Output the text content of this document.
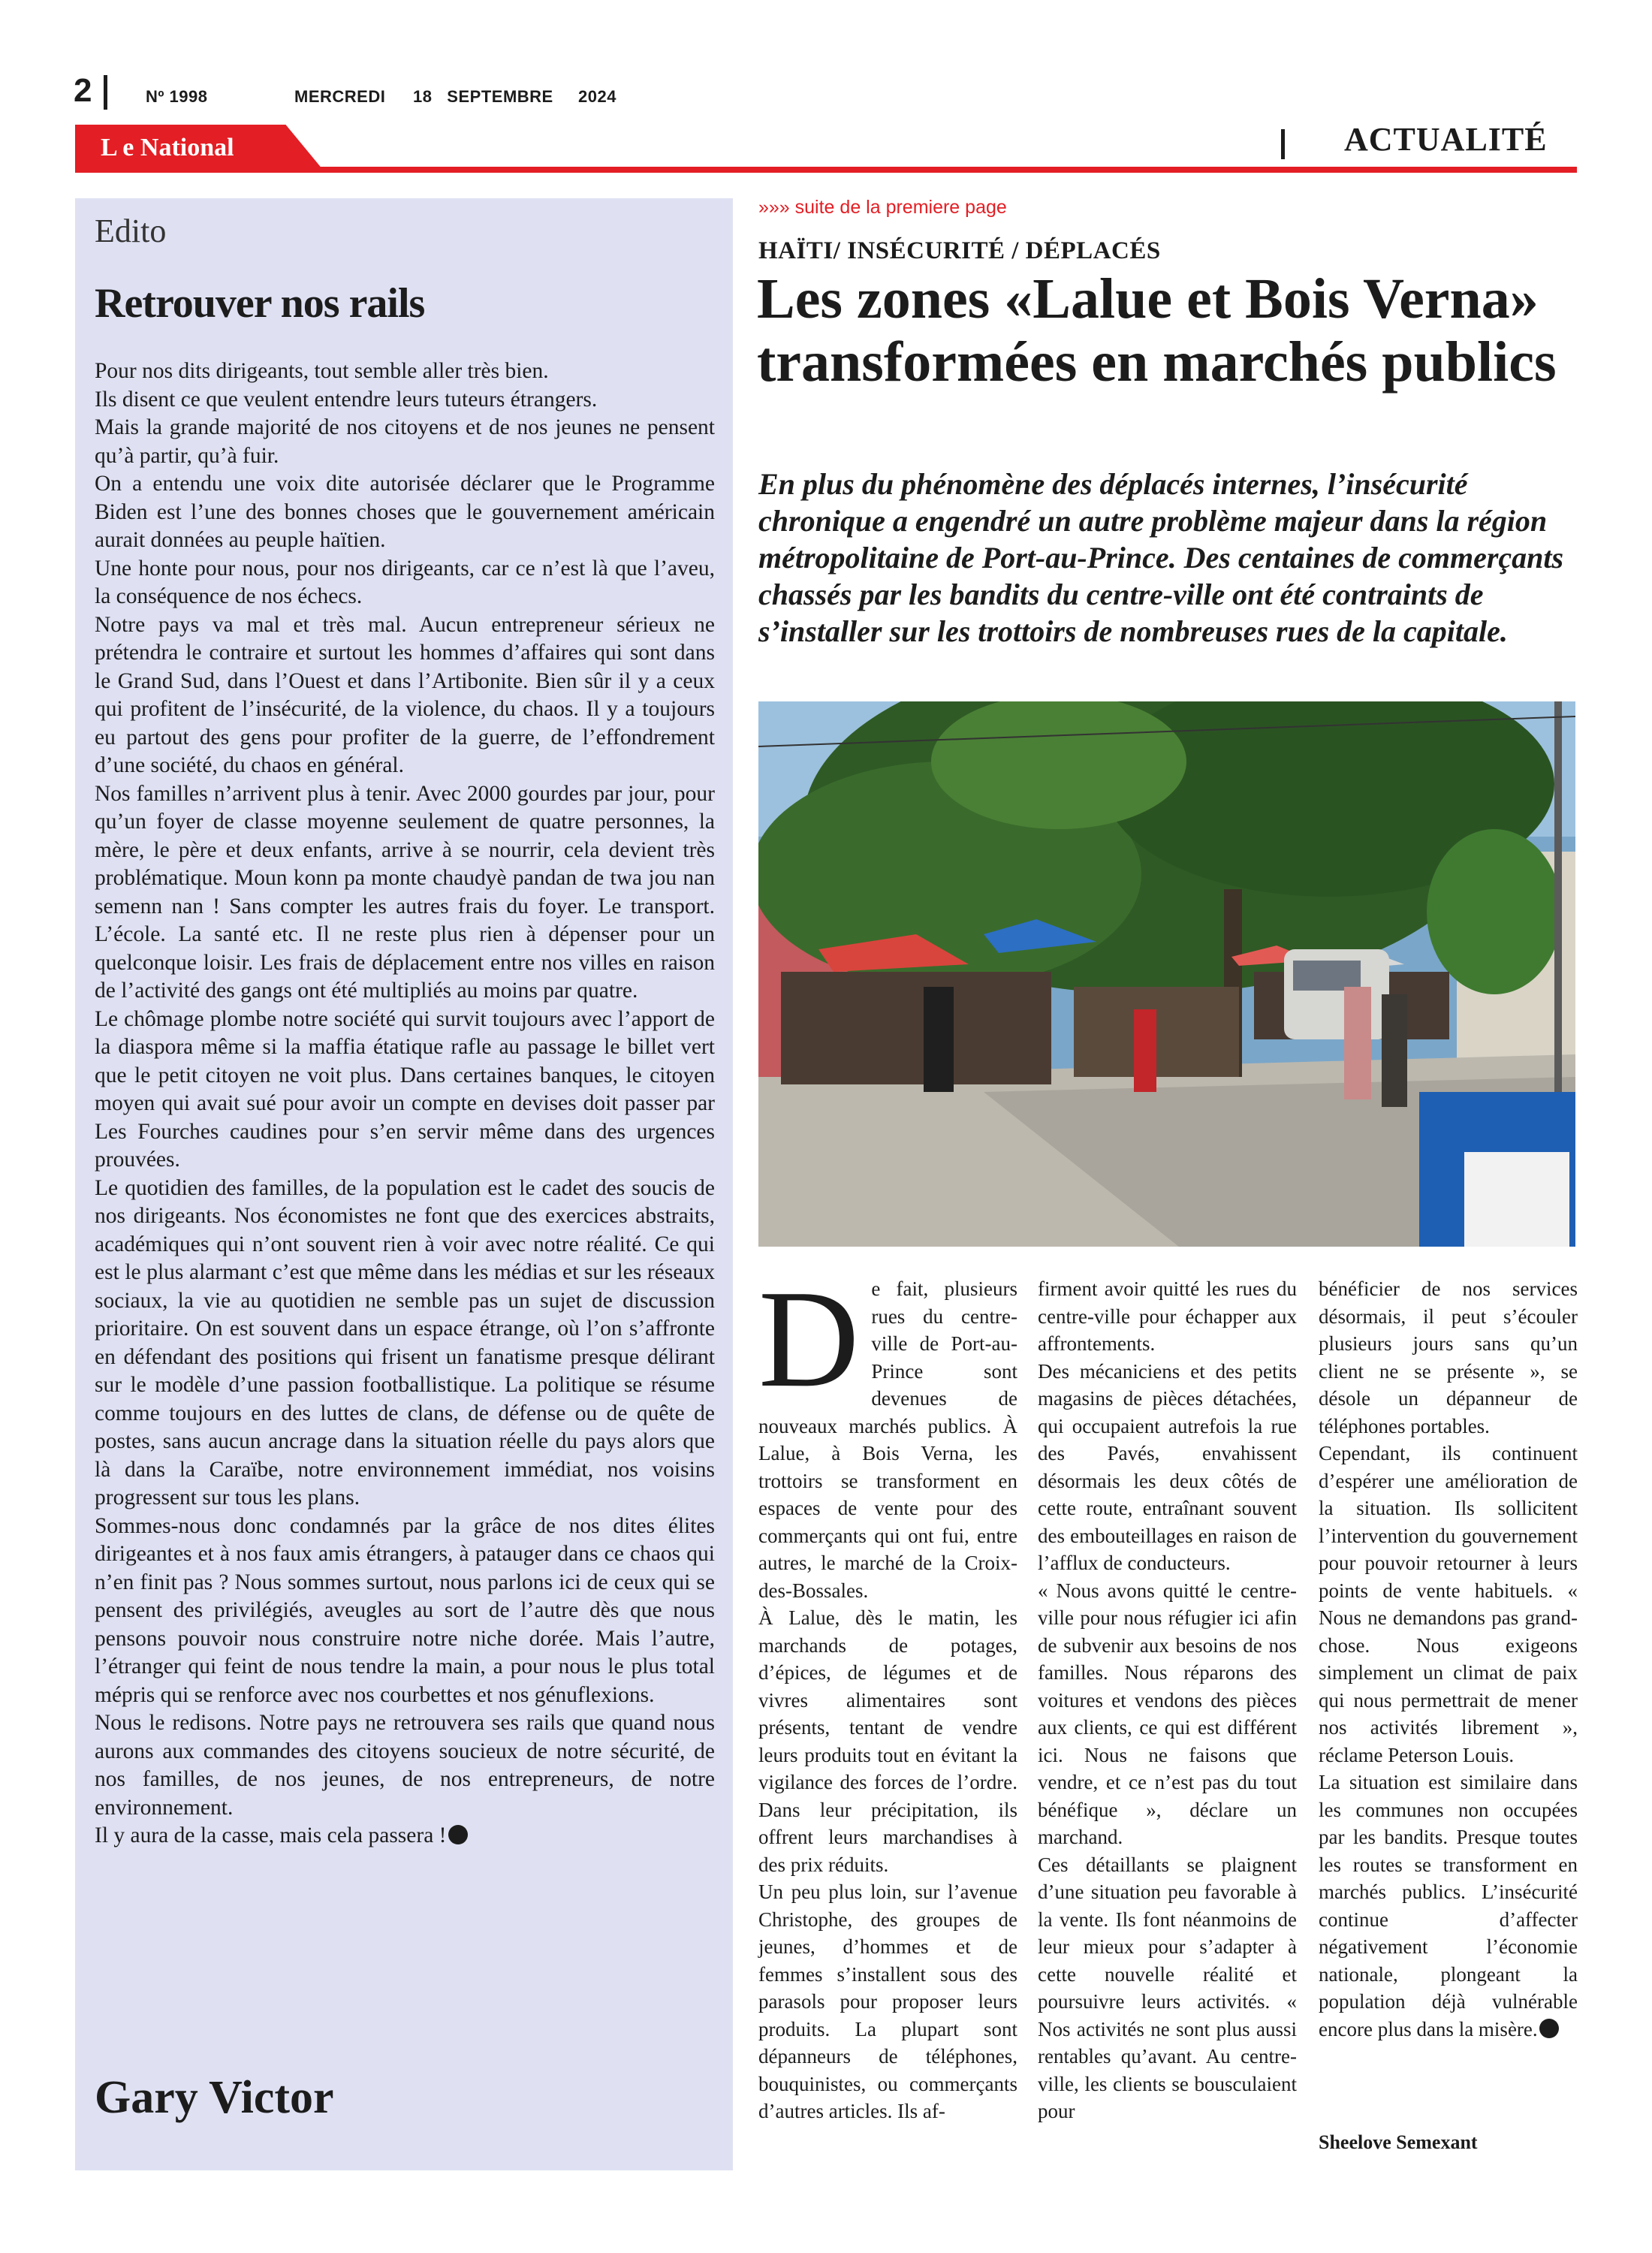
2	Nº 1998	MERCREDI 18   SEPTEMBRE 2024
L e National	ACTUALITÉ
Edito
Retrouver nos rails

Pour nos dits dirigeants, tout semble aller très bien.

Ils disent ce que veulent entendre leurs tuteurs étrangers.

Mais la grande majorité de nos citoyens et de nos jeunes ne pensent qu’à partir, qu’à fuir.

On a entendu une voix dite autorisée déclarer que le Programme Biden est l’une des bonnes choses que le gouvernement américain aurait données au peuple haïtien.

Une honte pour nous, pour nos dirigeants, car ce n’est là que l’aveu, la conséquence de nos échecs.

Notre pays va mal et très mal. Aucun entrepreneur sérieux ne prétendra le contraire et surtout les hommes d’affaires qui sont dans le Grand Sud, dans l’Ouest et dans l’Artibonite. Bien sûr il y a ceux qui profitent de l’insécurité, de la violence, du chaos. Il y a toujours eu partout des gens pour profiter de la guerre, de l’effondrement d’une société, du chaos en général.

Nos familles n’arrivent plus à tenir. Avec 2000 gourdes par jour, pour qu’un foyer de classe moyenne seulement de quatre personnes, la mère, le père et deux enfants, arrive à se nourrir, cela devient très problématique. Moun konn pa monte chaudyè pandan de twa jou nan semenn nan ! Sans compter les autres frais du foyer. Le transport. L’école. La santé etc. Il ne reste plus rien à dépenser pour un quelconque loisir. Les frais de déplacement entre nos villes en raison de l’activité des gangs ont été multipliés au moins par quatre.

Le chômage plombe notre société qui survit toujours avec l’apport de la diaspora même si la maffia étatique rafle au passage le billet vert que le petit citoyen ne voit plus. Dans certaines banques, le citoyen moyen qui avait sué pour avoir un compte en devises doit passer par Les Fourches caudines pour s’en servir même dans des urgences prouvées.

Le quotidien des familles, de la population est le cadet des soucis de nos dirigeants. Nos économistes ne font que des exercices abstraits, académiques qui n’ont souvent rien à voir avec notre réalité. Ce qui est le plus alarmant c’est que même dans les médias et sur les réseaux sociaux, la vie au quotidien ne semble pas un sujet de discussion prioritaire. On est souvent dans un espace étrange, où l’on s’affronte en défendant des positions qui frisent un fanatisme presque délirant sur le modèle d’une passion footballistique. La politique se résume comme toujours en des luttes de clans, de défense ou de quête de postes, sans aucun ancrage dans la situation réelle du pays alors que là dans la Caraïbe, notre environnement immédiat, nos voisins progressent sur tous les plans.

Sommes-nous donc condamnés par la grâce de nos dites élites dirigeantes et à nos faux amis étrangers, à patauger dans ce chaos qui n’en finit pas ? Nous sommes surtout, nous parlons ici de ceux qui se pensent des privilégiés, aveugles au sort de l’autre dès que nous pensons pouvoir nous construire notre niche dorée. Mais l’autre, l’étranger qui feint de nous tendre la main, a pour nous le plus total mépris qui se renforce avec nos courbettes et nos génuflexions.

Nous le redisons. Notre pays ne retrouvera ses rails que quand nous aurons aux commandes des citoyens soucieux de notre sécurité, de nos familles, de nos jeunes, de nos entrepreneurs, de notre environnement.

Il y aura de la casse, mais cela passera !

Gary Victor
»»» suite de la premiere page
HAÏTI/ INSÉCURITÉ / DÉPLACÉS
Les zones «Lalue et Bois Verna» transformées en marchés publics
En plus du phénomène des déplacés internes, l’insécurité chronique a engendré un autre problème majeur dans la région métropolitaine de Port-au-Prince. Des centaines de commerçants chassés par les bandits du centre-ville ont été contraints de s’installer sur les trottoirs de nombreuses rues de la capitale.
D e fait, plusieurs rues du centre-ville de Port-au-Prince sont devenues de nouveaux marchés publics. À Lalue, à Bois Verna, les trottoirs se transforment en espaces de vente pour des commerçants qui ont fui, entre autres, le marché de la Croix-des-Bossales.

À Lalue, dès le matin, les marchands de potages, d’épices, de légumes et de vivres alimentaires sont présents, tentant de vendre leurs produits tout en évitant la vigilance des forces de l’ordre. Dans leur précipitation, ils offrent leurs marchandises à des prix réduits.

Un peu plus loin, sur l’avenue Christophe, des groupes de jeunes, d’hommes et de femmes s’installent sous des parasols pour proposer leurs produits. La plupart sont dépanneurs de téléphones, bouquinistes, ou commerçants d’autres articles. Ils af-

firment avoir quitté les rues du centre-ville pour échapper aux affrontements.

Des mécaniciens et des petits magasins de pièces détachées, qui occupaient autrefois la rue des Pavés, envahissent désormais les deux côtés de cette route, entraînant souvent des embouteillages en raison de l’afflux de conducteurs.

« Nous avons quitté le centre-ville pour nous réfugier ici afin de subvenir aux besoins de nos familles. Nous réparons des voitures et vendons des pièces aux clients, ce qui est différent ici. Nous ne faisons que vendre, et ce n’est pas du tout bénéfique », déclare un marchand.

Ces détaillants se plaignent d’une situation peu favorable à la vente. Ils font néanmoins de leur mieux pour s’adapter à cette nouvelle réalité et poursuivre leurs activités. « Nos activités ne sont plus aussi rentables qu’avant. Au centre-ville, les clients se bousculaient pour

bénéficier de nos services désormais, il peut s’écouler plusieurs jours sans qu’un client ne se présente », se désole un dépanneur de téléphones portables.

Cependant, ils continuent d’espérer une amélioration de la situation. Ils sollicitent l’intervention du gouvernement pour pouvoir retourner à leurs points de vente habituels. « Nous ne demandons pas grand-chose. Nous exigeons simplement un climat de paix qui nous permettrait de mener nos activités librement », réclame Peterson Louis.

La situation est similaire dans les communes non occupées par les bandits. Presque toutes les routes se transforment en marchés publics. L’insécurité continue d’affecter négativement l’économie nationale, plongeant la population déjà vulnérable encore plus dans la misère.

Sheelove Semexant
